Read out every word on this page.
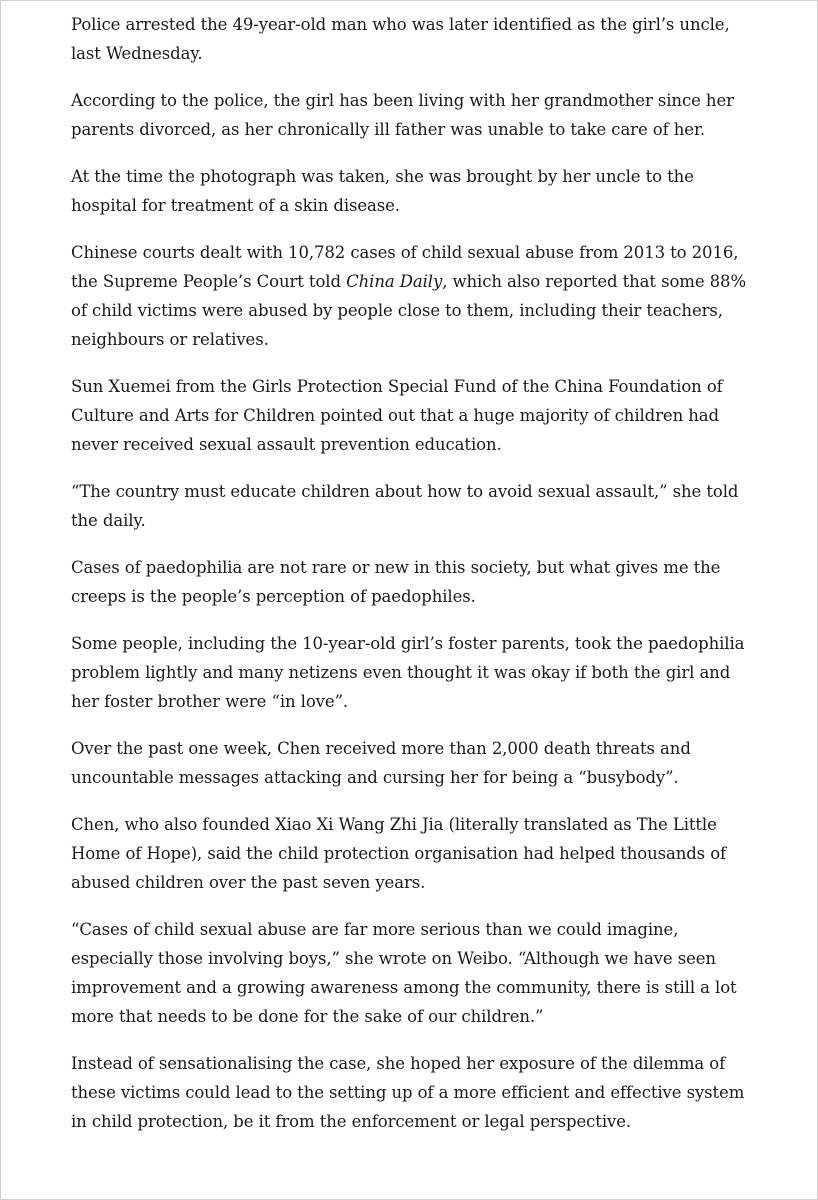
Police arrested the 49-year-old man who was later identified as the girl’s uncle, last Wednesday.

According to the police, the girl has been living with her grandmother since her parents divorced, as her chronically ill father was unable to take care of her.

At the time the photograph was taken, she was brought by her uncle to the hospital for treatment of a skin disease.

Chinese courts dealt with 10,782 cases of child sexual abuse from 2013 to 2016, the Supreme People’s Court told China Daily, which also reported that some 88% of child victims were abused by people close to them, including their teachers, neighbours or relatives.

Sun Xuemei from the Girls Protection Special Fund of the China Foundation of Culture and Arts for Children pointed out that a huge majority of children had never received sexual assault prevention education.

“The country must educate children about how to avoid sexual assault,” she told the daily.

Cases of paedophilia are not rare or new in this society, but what gives me the creeps is the people’s perception of paedophiles.

Some people, including the 10-year-old girl’s foster parents, took the paedophilia problem lightly and many netizens even thought it was okay if both the girl and her foster brother were “in love”.

Over the past one week, Chen received more than 2,000 death threats and uncountable messages attacking and cursing her for being a “busybody”.

Chen, who also founded Xiao Xi Wang Zhi Jia (literally translated as The Little Home of Hope), said the child protection organisation had helped thousands of abused children over the past seven years.

“Cases of child sexual abuse are far more serious than we could imagine, especially those involving boys,” she wrote on Weibo. “Although we have seen improvement and a growing awareness among the community, there is still a lot more that needs to be done for the sake of our children.”

Instead of sensationalising the case, she hoped her exposure of the dilemma of these victims could lead to the setting up of a more efficient and effective system in child protection, be it from the enforcement or legal perspective.
